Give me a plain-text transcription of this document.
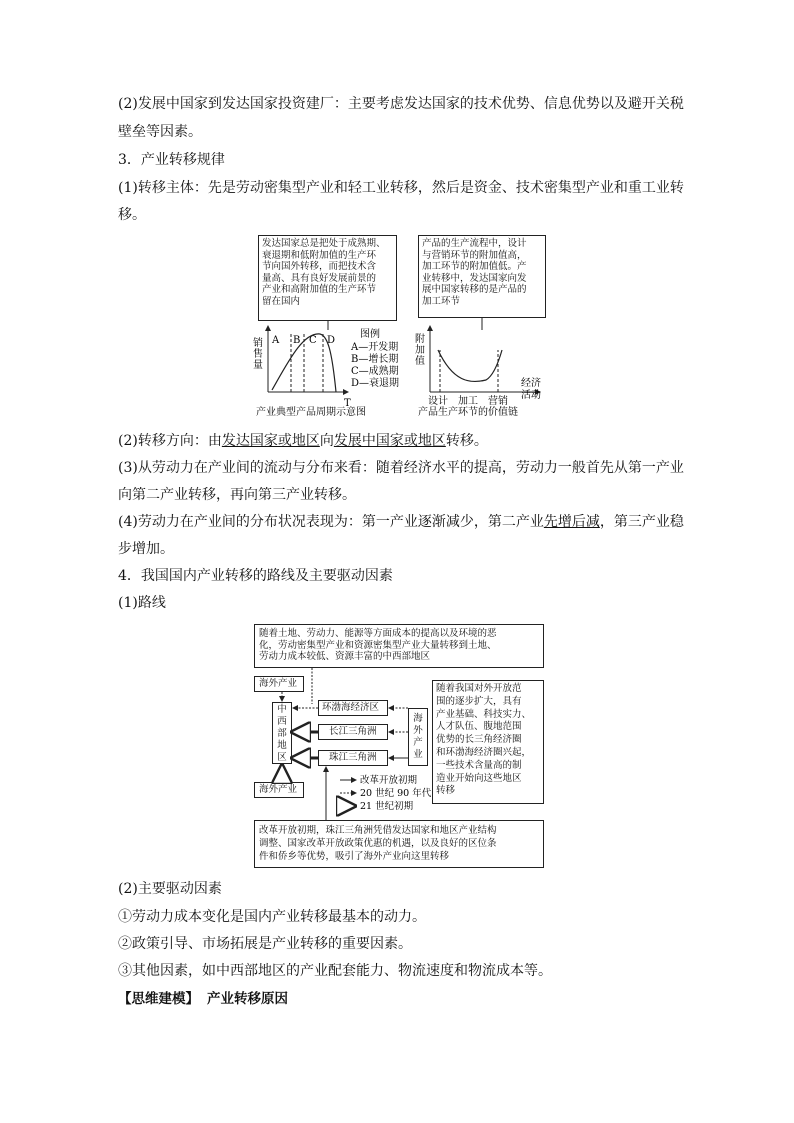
(2)发展中国家到发达国家投资建厂：主要考虑发达国家的技术优势、信息优势以及避开关税
壁垒等因素。
3．产业转移规律
(1)转移主体：先是劳动密集型产业和轻工业转移，然后是资金、技术密集型产业和重工业转
移。
发达国家总是把处于成熟期、
衰退期和低附加值的生产环
节向国外转移，而把技术含
量高、具有良好发展前景的
产业和高附加值的生产环节
留在国内
产品的生产流程中，设计
与营销环节的附加值高，
加工环节的附加值低。产
业转移中，发达国家向发
展中国家转移的是产品的
加工环节
销
售
量
T
A B C D
图例
A—开发期
B—增长期
C—成熟期
D—衰退期
产业典型产品周期示意图
附
加
值
经济
活动
设计 加工 营销
产品生产环节的价值链
(2)转移方向：由发达国家或地区向发展中国家或地区转移。
(3)从劳动力在产业间的流动与分布来看：随着经济水平的提高，劳动力一般首先从第一产业
向第二产业转移，再向第三产业转移。
(4)劳动力在产业间的分布状况表现为：第一产业逐渐减少，第二产业先增后减，第三产业稳
步增加。
4．我国国内产业转移的路线及主要驱动因素
(1)路线
随着土地、劳动力、能源等方面成本的提高以及环境的恶
化，劳动密集型产业和资源密集型产业大量转移到土地、
劳动力成本较低、资源丰富的中西部地区
海外产业
中
西
部
地
区
海外产业
环渤海经济区
长江三角洲
珠江三角洲
海
外
产
业
随着我国对外开放范
围的逐步扩大，具有
产业基础、科技实力、
人才队伍、腹地范围
优势的长三角经济圈
和环渤海经济圈兴起，
一些技术含量高的制
造业开始向这些地区
转移
改革开放初期，珠江三角洲凭借发达国家和地区产业结构
调整、国家改革开放政策优惠的机遇，以及良好的区位条
件和侨乡等优势，吸引了海外产业向这里转移
改革开放初期
20 世纪 90 年代
21 世纪初期
(2)主要驱动因素
①劳动力成本变化是国内产业转移最基本的动力。
②政策引导、市场拓展是产业转移的重要因素。
③其他因素，如中西部地区的产业配套能力、物流速度和物流成本等。
【思维建模】 产业转移原因
